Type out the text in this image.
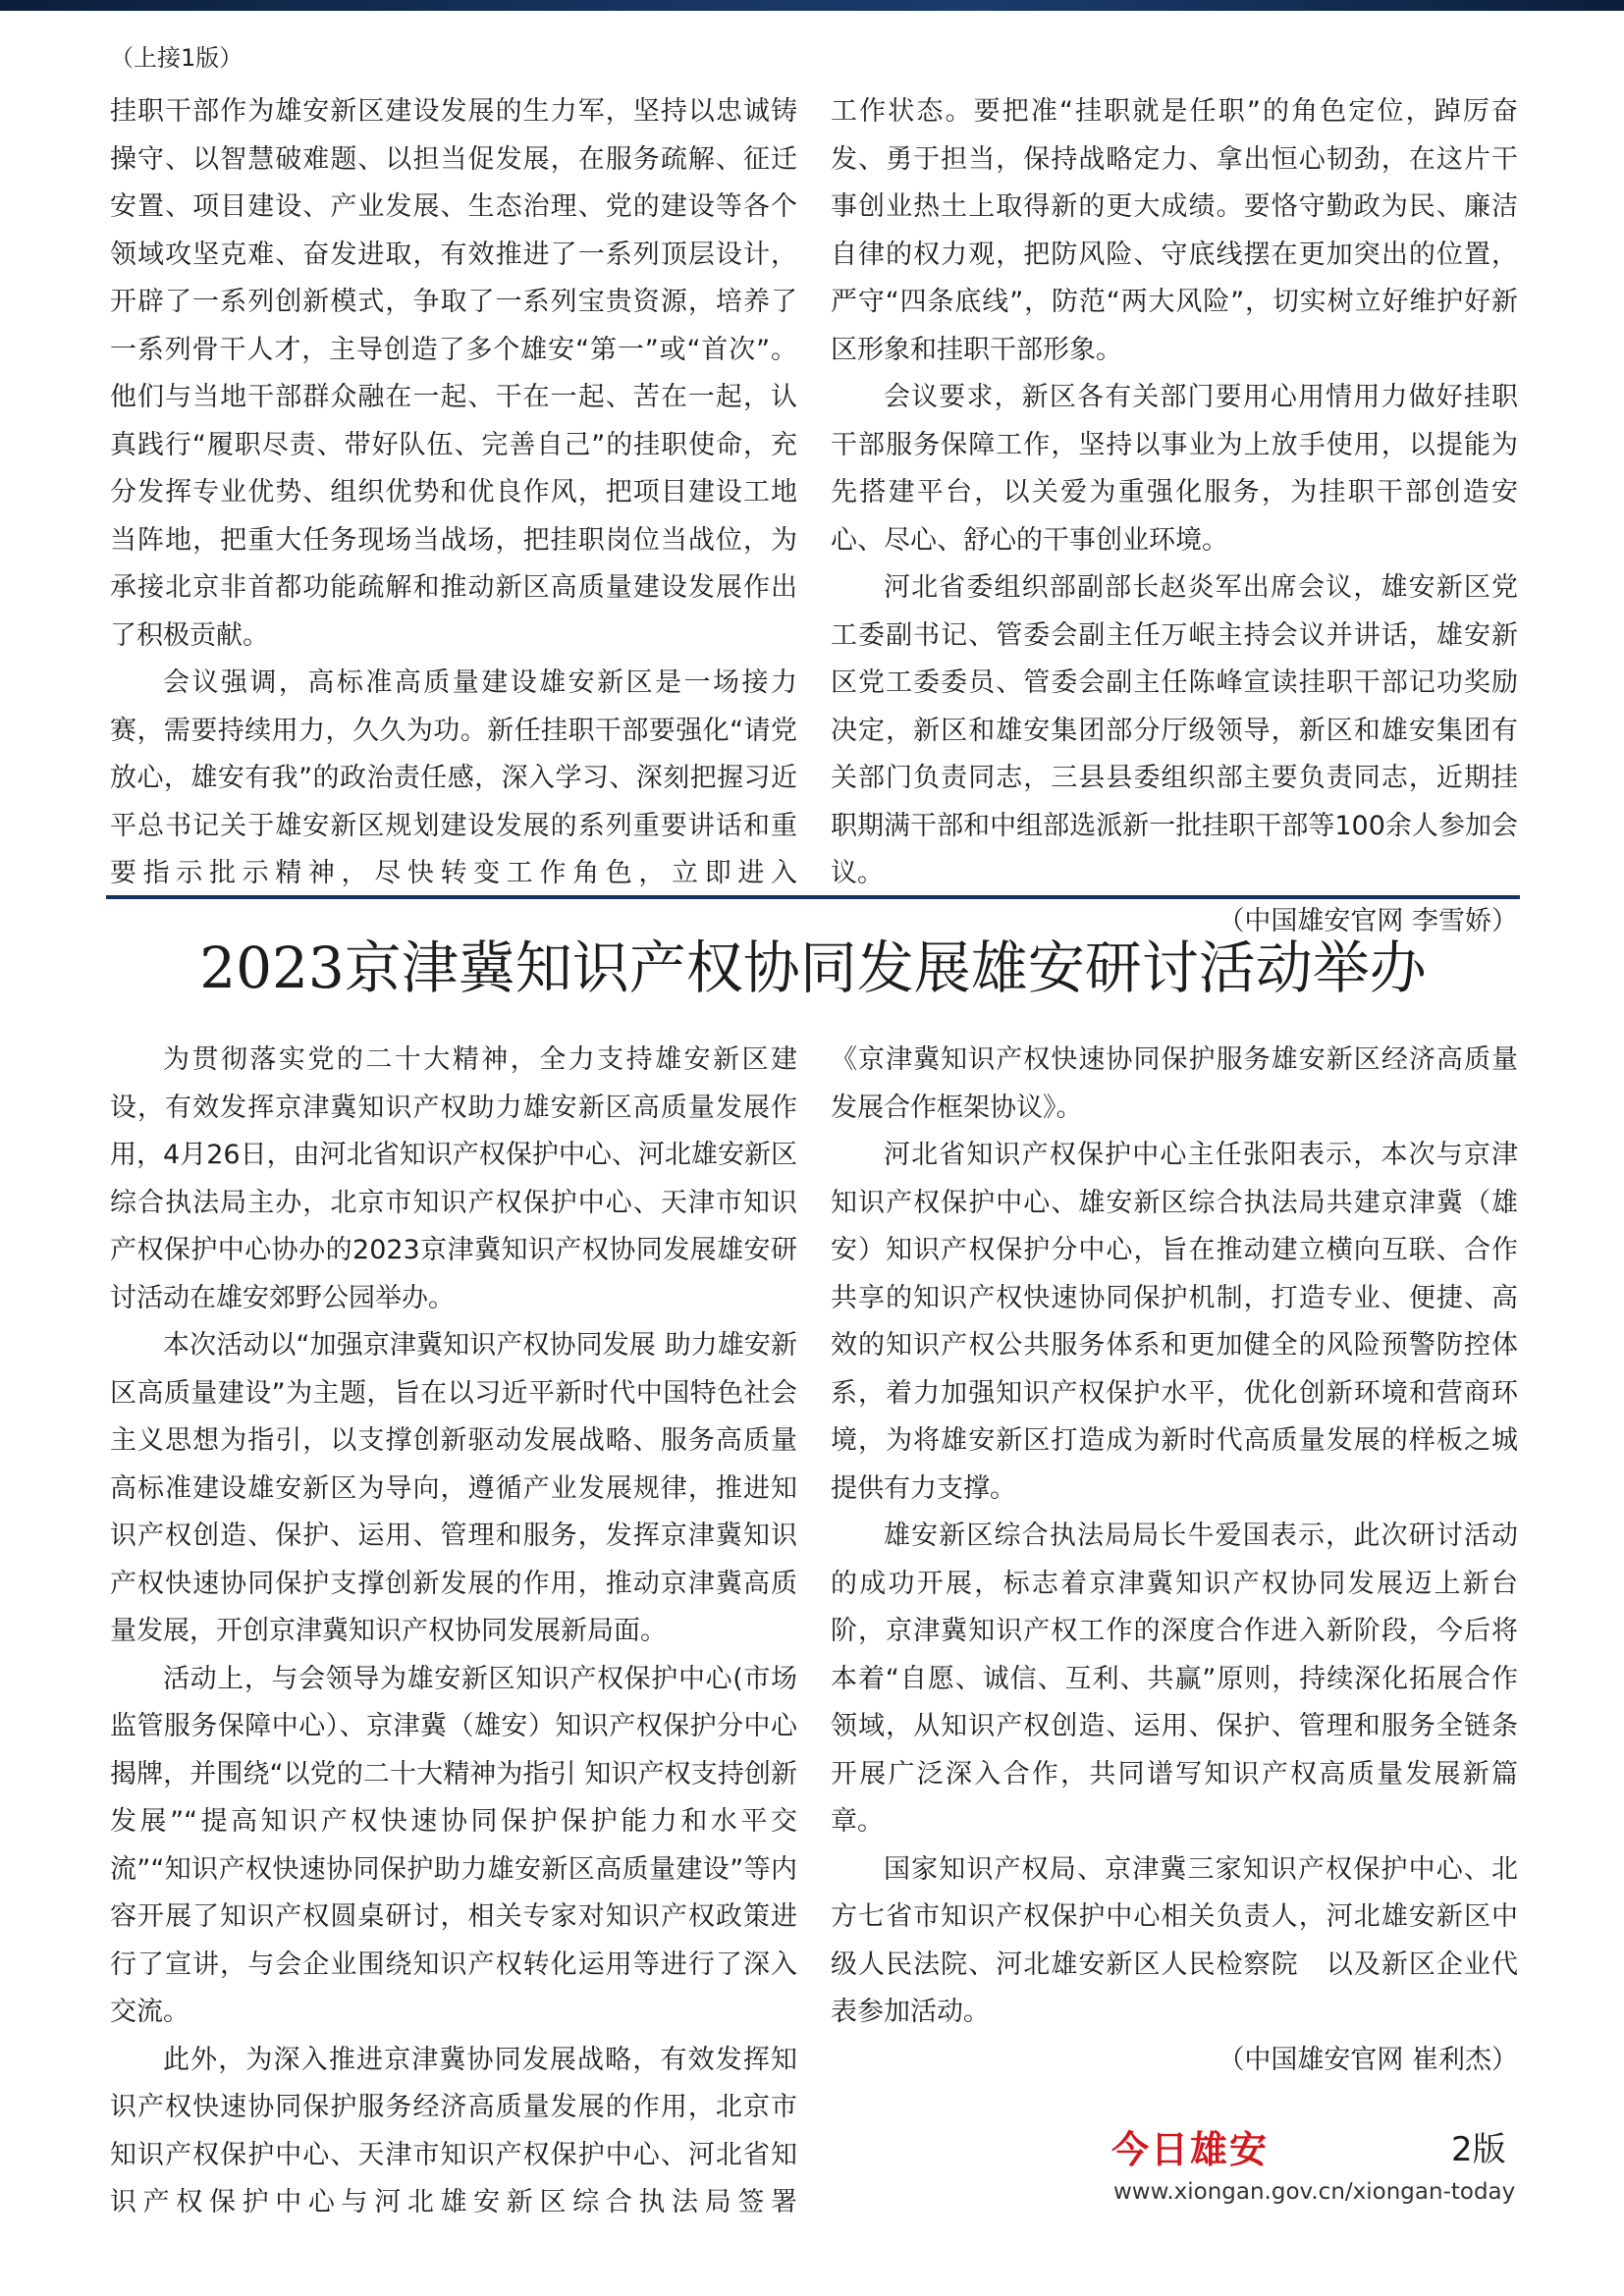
（上接1版）

挂职干部作为雄安新区建设发展的生力军，坚持以忠诚铸操守、以智慧破难题、以担当促发展，在服务疏解、征迁安置、项目建设、产业发展、生态治理、党的建设等各个领域攻坚克难、奋发进取，有效推进了一系列顶层设计，开辟了一系列创新模式，争取了一系列宝贵资源，培养了一系列骨干人才，主导创造了多个雄安“第一”或“首次”。他们与当地干部群众融在一起、干在一起、苦在一起，认真践行“履职尽责、带好队伍、完善自己”的挂职使命，充分发挥专业优势、组织优势和优良作风，把项目建设工地当阵地，把重大任务现场当战场，把挂职岗位当战位，为承接北京非首都功能疏解和推动新区高质量建设发展作出了积极贡献。

会议强调，高标准高质量建设雄安新区是一场接力赛，需要持续用力，久久为功。新任挂职干部要强化“请党放心，雄安有我”的政治责任感，深入学习、深刻把握习近平总书记关于雄安新区规划建设发展的系列重要讲话和重要指示批示精神，尽快转变工作角色，立即进入

工作状态。要把准“挂职就是任职”的角色定位，踔厉奋发、勇于担当，保持战略定力、拿出恒心韧劲，在这片干事创业热土上取得新的更大成绩。要恪守勤政为民、廉洁自律的权力观，把防风险、守底线摆在更加突出的位置，严守“四条底线”，防范“两大风险”，切实树立好维护好新区形象和挂职干部形象。

会议要求，新区各有关部门要用心用情用力做好挂职干部服务保障工作，坚持以事业为上放手使用，以提能为先搭建平台，以关爱为重强化服务，为挂职干部创造安心、尽心、舒心的干事创业环境。

河北省委组织部副部长赵炎军出席会议，雄安新区党工委副书记、管委会副主任万岷主持会议并讲话，雄安新区党工委委员、管委会副主任陈峰宣读挂职干部记功奖励决定，新区和雄安集团部分厅级领导，新区和雄安集团有关部门负责同志，三县县委组织部主要负责同志，近期挂职期满干部和中组部选派新一批挂职干部等100余人参加会议。

（中国雄安官网 李雪娇）
2023京津冀知识产权协同发展雄安研讨活动举办

为贯彻落实党的二十大精神，全力支持雄安新区建设，有效发挥京津冀知识产权助力雄安新区高质量发展作用，4月26日，由河北省知识产权保护中心、河北雄安新区综合执法局主办，北京市知识产权保护中心、天津市知识产权保护中心协办的2023京津冀知识产权协同发展雄安研讨活动在雄安郊野公园举办。

本次活动以“加强京津冀知识产权协同发展 助力雄安新区高质量建设”为主题，旨在以习近平新时代中国特色社会主义思想为指引，以支撑创新驱动发展战略、服务高质量高标准建设雄安新区为导向，遵循产业发展规律，推进知识产权创造、保护、运用、管理和服务，发挥京津冀知识产权快速协同保护支撑创新发展的作用，推动京津冀高质量发展，开创京津冀知识产权协同发展新局面。

活动上，与会领导为雄安新区知识产权保护中心(市场监管服务保障中心）、京津冀（雄安）知识产权保护分中心揭牌，并围绕“以党的二十大精神为指引 知识产权支持创新发展”“提高知识产权快速协同保护保护能力和水平交流”“知识产权快速协同保护助力雄安新区高质量建设”等内容开展了知识产权圆桌研讨，相关专家对知识产权政策进行了宣讲，与会企业围绕知识产权转化运用等进行了深入交流。

此外，为深入推进京津冀协同发展战略，有效发挥知识产权快速协同保护服务经济高质量发展的作用，北京市知识产权保护中心、天津市知识产权保护中心、河北省知识产权保护中心与河北雄安新区综合执法局签署

《京津冀知识产权快速协同保护服务雄安新区经济高质量发展合作框架协议》。

河北省知识产权保护中心主任张阳表示，本次与京津知识产权保护中心、雄安新区综合执法局共建京津冀（雄安）知识产权保护分中心，旨在推动建立横向互联、合作共享的知识产权快速协同保护机制，打造专业、便捷、高效的知识产权公共服务体系和更加健全的风险预警防控体系，着力加强知识产权保护水平，优化创新环境和营商环境，为将雄安新区打造成为新时代高质量发展的样板之城提供有力支撑。

雄安新区综合执法局局长牛爱国表示，此次研讨活动的成功开展，标志着京津冀知识产权协同发展迈上新台阶，京津冀知识产权工作的深度合作进入新阶段，今后将本着“自愿、诚信、互利、共赢”原则，持续深化拓展合作领域，从知识产权创造、运用、保护、管理和服务全链条开展广泛深入合作，共同谱写知识产权高质量发展新篇章。

国家知识产权局、京津冀三家知识产权保护中心、北方七省市知识产权保护中心相关负责人，河北雄安新区中级人民法院、河北雄安新区人民检察院　以及新区企业代表参加活动。

（中国雄安官网 崔利杰）
今日雄安	2版
www.xiongan.gov.cn/xiongan-today
